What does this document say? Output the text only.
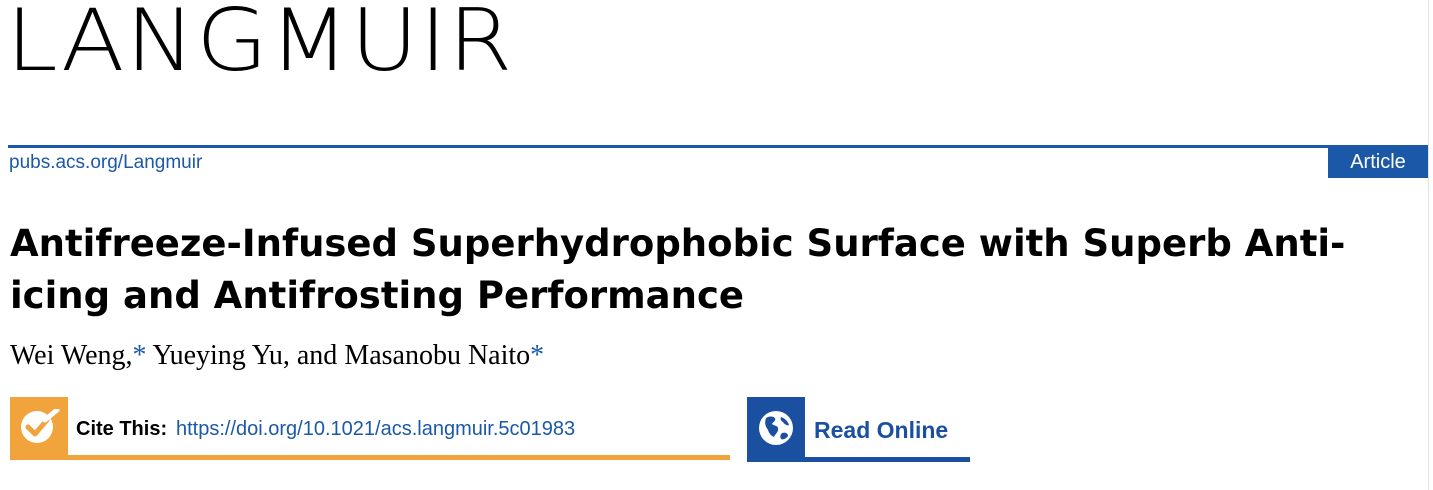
LANGMUIR
pubs.acs.org/Langmuir	Article
Antifreeze-Infused Superhydrophobic Surface with Superb Anti-icing and Antifrosting Performance
Wei Weng,* Yueying Yu, and Masanobu Naito*
Cite This: https://doi.org/10.1021/acs.langmuir.5c01983	Read Online
